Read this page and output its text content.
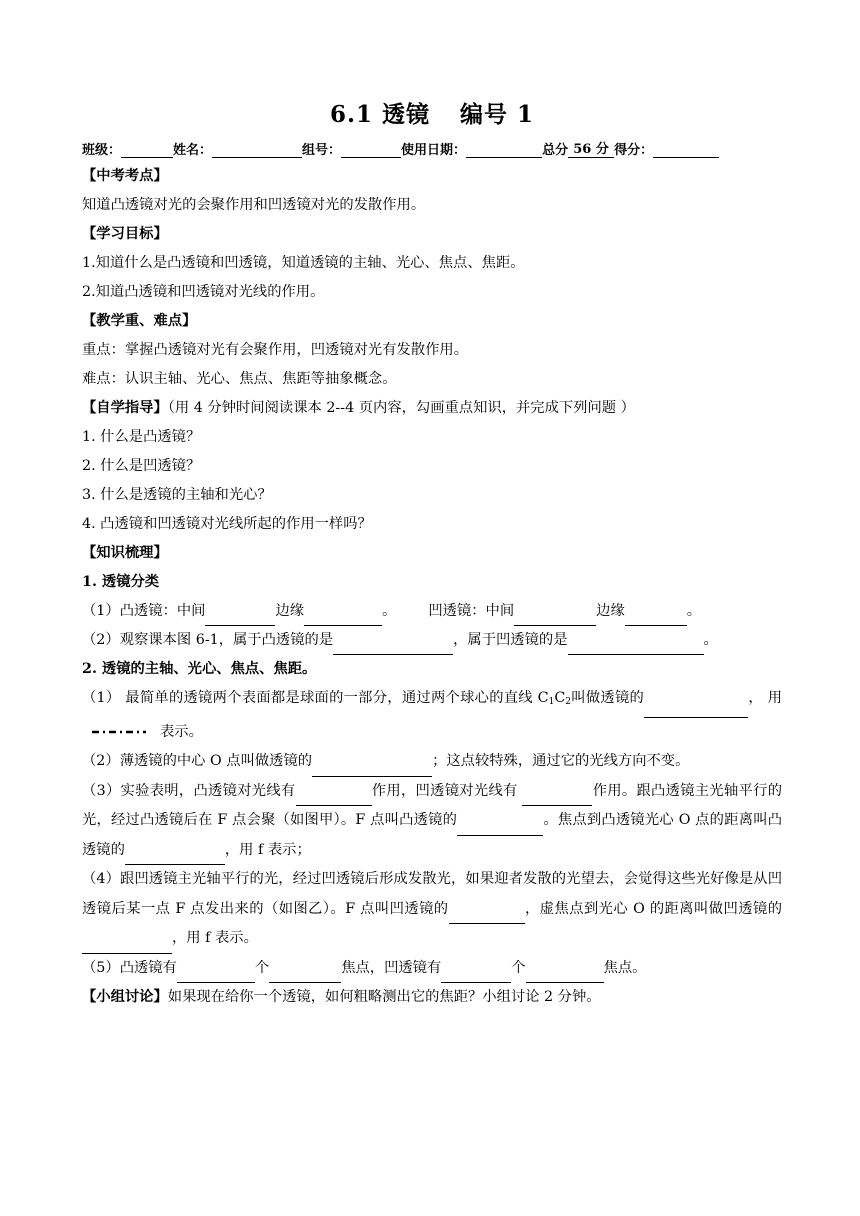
6.1 透镜 编号 1
班级：	姓名：	组号：	使用日期：	总分 56 分 得分：
【中考考点】
知道凸透镜对光的会聚作用和凹透镜对光的发散作用。
【学习目标】
1.知道什么是凸透镜和凹透镜，知道透镜的主轴、光心、焦点、焦距。
2.知道凸透镜和凹透镜对光线的作用。
【教学重、难点】
重点：掌握凸透镜对光有会聚作用，凹透镜对光有发散作用。
难点：认识主轴、光心、焦点、焦距等抽象概念。
【自学指导】（用 4 分钟时间阅读课本 2--4 页内容，勾画重点知识，并完成下列问题 ）
1. 什么是凸透镜？
2. 什么是凹透镜？
3. 什么是透镜的主轴和光心？
4. 凸透镜和凹透镜对光线所起的作用一样吗？
【知识梳理】
1. 透镜分类
（1）凸透镜：中间	边缘	。 凹透镜：中间	边缘	。
（2）观察课本图 6-1，属于凸透镜的是	，属于凹透镜的是	。
2. 透镜的主轴、光心、焦点、焦距。
（1） 最简单的透镜两个表面都是球面的一部分，通过两个球心的直线 $C_1C_2$叫做透镜的	， 用表示。
（2）薄透镜的中心 O 点叫做透镜的	；这点较特殊，通过它的光线方向不变。
（3）实验表明，凸透镜对光线有	作用，凹透镜对光线有	作用。跟凸透镜主光轴平行的光，经过凸透镜后在 F 点会聚（如图甲）。F 点叫凸透镜的	。焦点到凸透镜光心 O 点的距离叫凸透镜的	，用 f 表示；
（4）跟凹透镜主光轴平行的光，经过凹透镜后形成发散光，如果迎者发散的光望去，会觉得这些光好像是从凹透镜后某一点 F 点发出来的（如图乙）。F 点叫凹透镜的	，虚焦点到光心 O 的距离叫做凹透镜的，用 f 表示。
（5）凸透镜有	个	焦点，凹透镜有	个	焦点。
【小组讨论】如果现在给你一个透镜，如何粗略测出它的焦距？小组讨论 2 分钟。
